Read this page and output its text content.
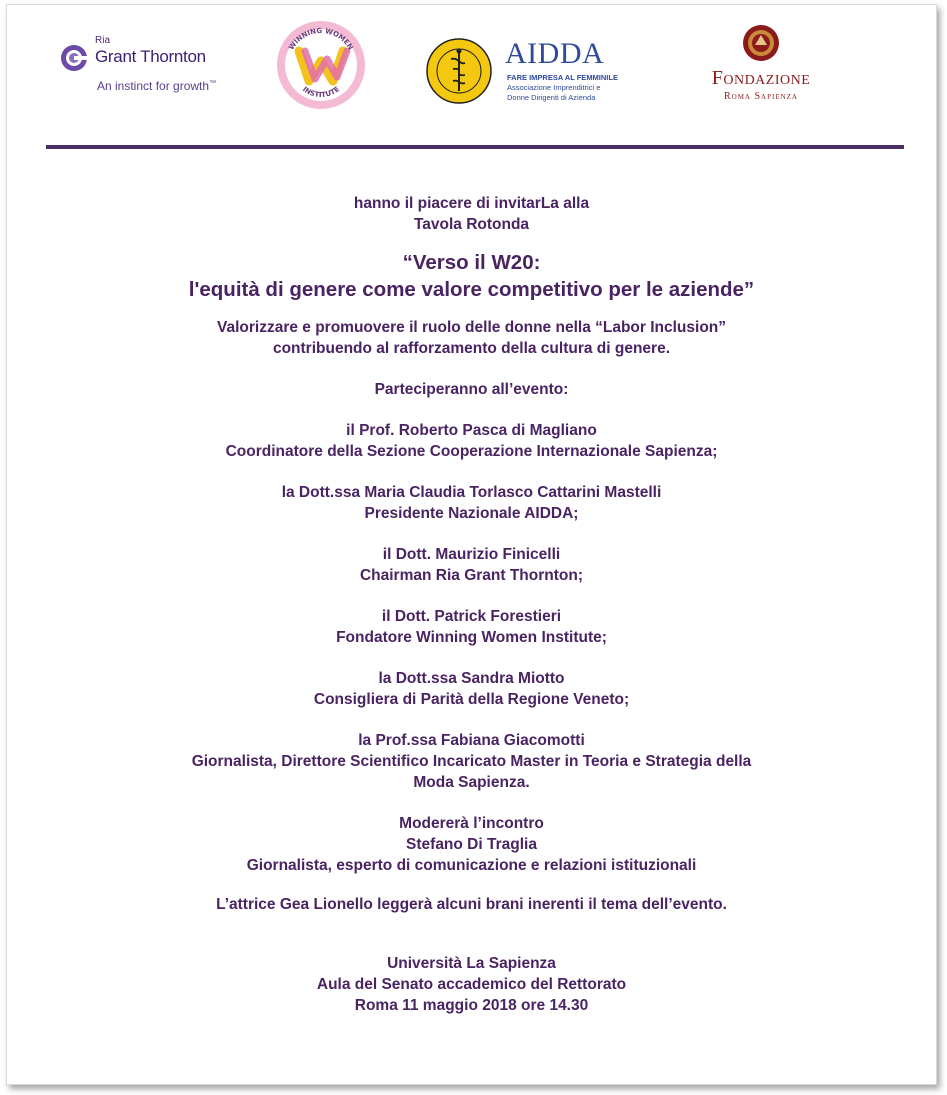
Ria
Grant Thornton
An instinct for growth™
WINNING WOMEN
INSTITUTE
AIDDA
FARE IMPRESA AL FEMMINILE
Associazione Imprenditrici e
Donne Dirigenti di Azienda
Fondazione
Roma Sapienza

hanno il piacere di invitarLa alla

Tavola Rotonda

“Verso il W20:

l'equità di genere come valore competitivo per le aziende”

Valorizzare e promuovere il ruolo delle donne nella “Labor Inclusion”

contribuendo al rafforzamento della cultura di genere.

Parteciperanno all’evento:

il Prof. Roberto Pasca di Magliano

Coordinatore della Sezione Cooperazione Internazionale Sapienza;

la Dott.ssa Maria Claudia Torlasco Cattarini Mastelli

Presidente Nazionale AIDDA;

il Dott. Maurizio Finicelli

Chairman Ria Grant Thornton;

il Dott. Patrick Forestieri

Fondatore Winning Women Institute;

la Dott.ssa Sandra Miotto

Consigliera di Parità della Regione Veneto;

la Prof.ssa Fabiana Giacomotti

Giornalista, Direttore Scientifico Incaricato Master in Teoria e Strategia della

Moda Sapienza.

Modererà l’incontro

Stefano Di Traglia

Giornalista, esperto di comunicazione e relazioni istituzionali

L’attrice Gea Lionello leggerà alcuni brani inerenti il tema dell’evento.

Università La Sapienza

Aula del Senato accademico del Rettorato

Roma 11 maggio 2018 ore 14.30
